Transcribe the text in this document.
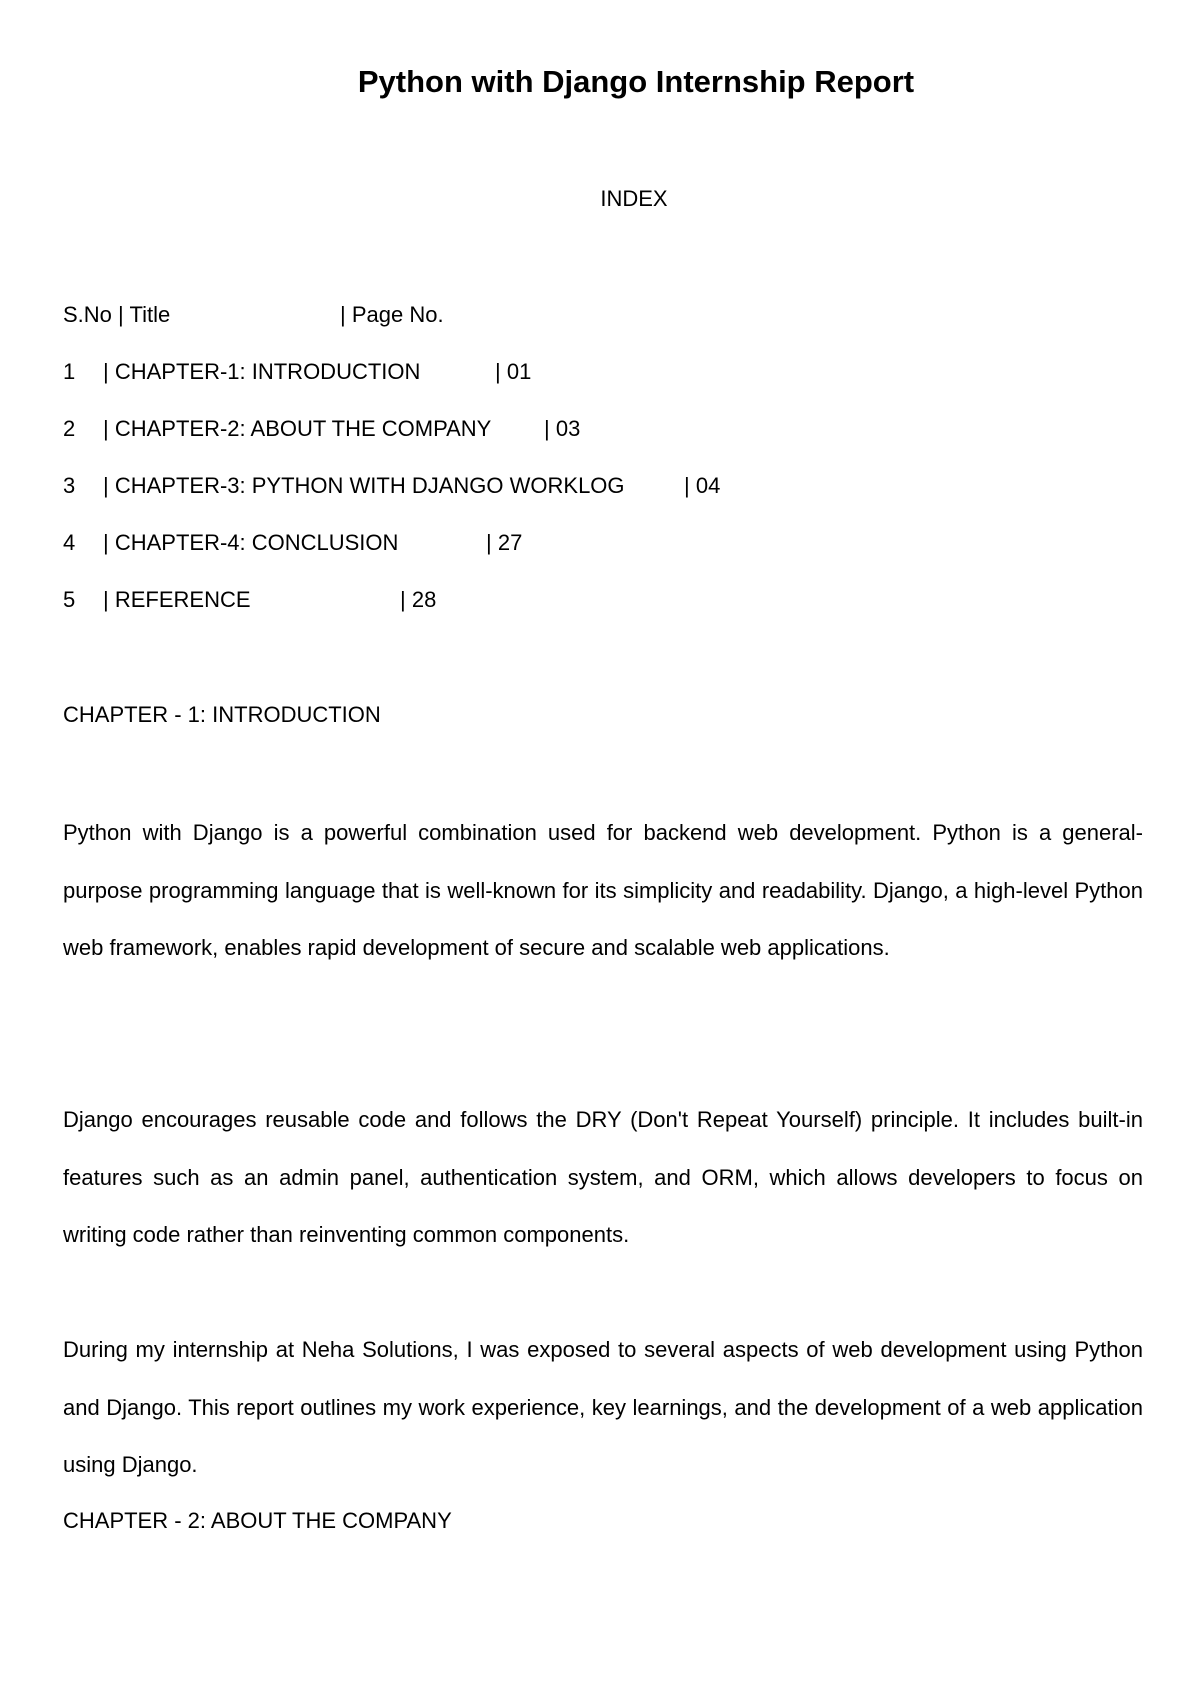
Python with Django Internship Report
INDEX
S.No | Title	| Page No.
1 | CHAPTER-1: INTRODUCTION	| 01
2 | CHAPTER-2: ABOUT THE COMPANY | 03
3 | CHAPTER-3: PYTHON WITH DJANGO WORKLOG	| 04
4 | CHAPTER-4: CONCLUSION	| 27
5 | REFERENCE	| 28
CHAPTER - 1: INTRODUCTION

Python with Django is a powerful combination used for backend web development. Python is a general-purpose programming language that is well-known for its simplicity and readability. Django, a high-level Python web framework, enables rapid development of secure and scalable web applications.

Django encourages reusable code and follows the DRY (Don't Repeat Yourself) principle. It includes built-in features such as an admin panel, authentication system, and ORM, which allows developers to focus on writing code rather than reinventing common components.

During my internship at Neha Solutions, I was exposed to several aspects of web development using Python and Django. This report outlines my work experience, key learnings, and the development of a web application using Django.

CHAPTER - 2: ABOUT THE COMPANY
